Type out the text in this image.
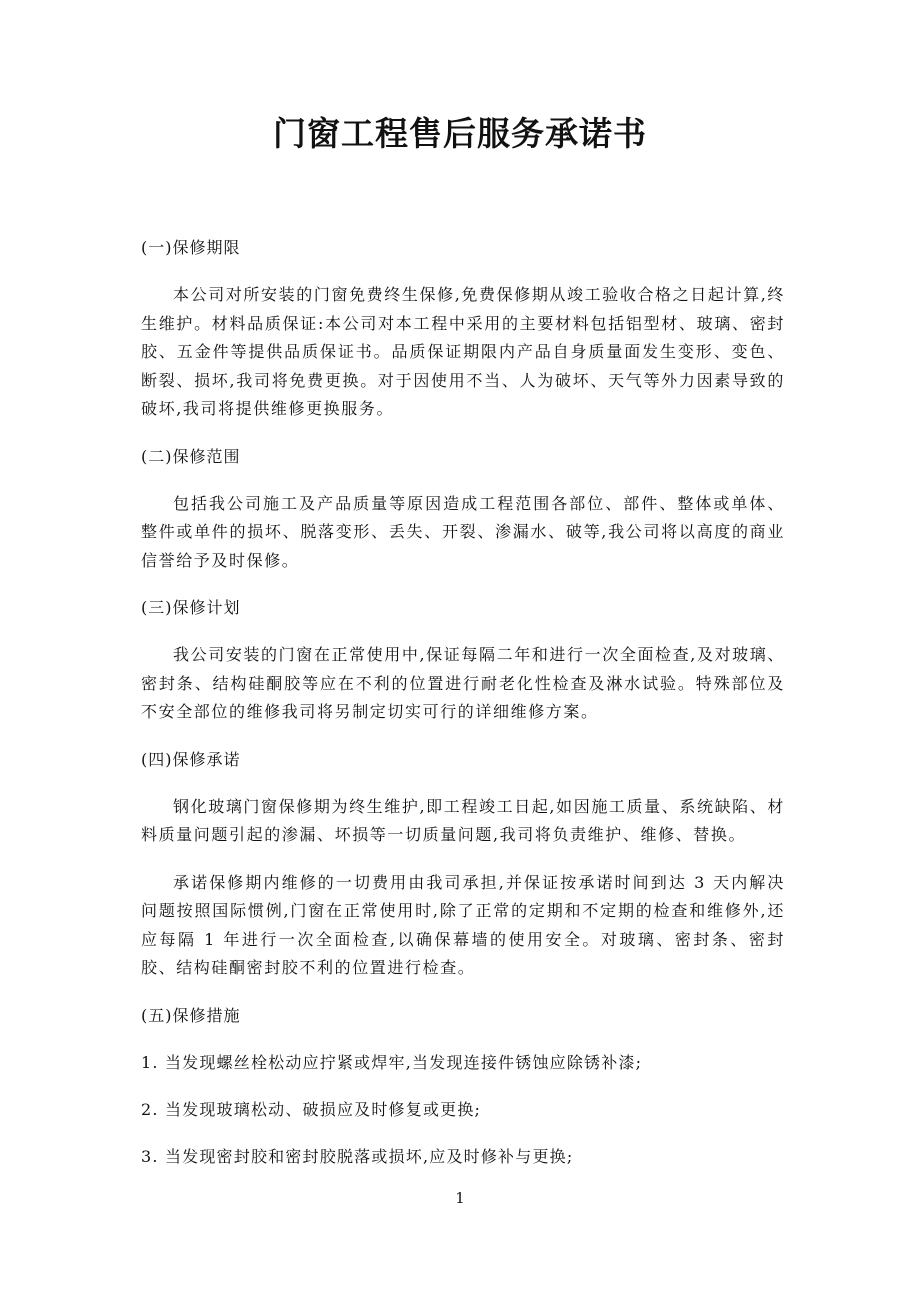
门窗工程售后服务承诺书

(一)保修期限

本公司对所安装的门窗免费终生保修,免费保修期从竣工验收合格之日起计算,终生维护。材料品质保证:本公司对本工程中采用的主要材料包括铝型材、玻璃、密封胶、五金件等提供品质保证书。品质保证期限内产品自身质量面发生变形、变色、断裂、损坏,我司将免费更换。对于因使用不当、人为破坏、天气等外力因素导致的破坏,我司将提供维修更换服务。

(二)保修范围

包括我公司施工及产品质量等原因造成工程范围各部位、部件、整体或单体、整件或单件的损坏、脱落变形、丢失、开裂、渗漏水、破等,我公司将以高度的商业信誉给予及时保修。

(三)保修计划

我公司安装的门窗在正常使用中,保证每隔二年和进行一次全面检查,及对玻璃、密封条、结构硅酮胶等应在不利的位置进行耐老化性检查及淋水试验。特殊部位及不安全部位的维修我司将另制定切实可行的详细维修方案。

(四)保修承诺

钢化玻璃门窗保修期为终生维护,即工程竣工日起,如因施工质量、系统缺陷、材料质量问题引起的渗漏、坏损等一切质量问题,我司将负责维护、维修、替换。

承诺保修期内维修的一切费用由我司承担,并保证按承诺时间到达 3 天内解决问题按照国际惯例,门窗在正常使用时,除了正常的定期和不定期的检查和维修外,还应每隔 1 年进行一次全面检查,以确保幕墙的使用安全。对玻璃、密封条、密封胶、结构硅酮密封胶不利的位置进行检查。

(五)保修措施

1. 当发现螺丝栓松动应拧紧或焊牢,当发现连接件锈蚀应除锈补漆;

2. 当发现玻璃松动、破损应及时修复或更换;

3. 当发现密封胶和密封胶脱落或损坏,应及时修补与更换;

1
